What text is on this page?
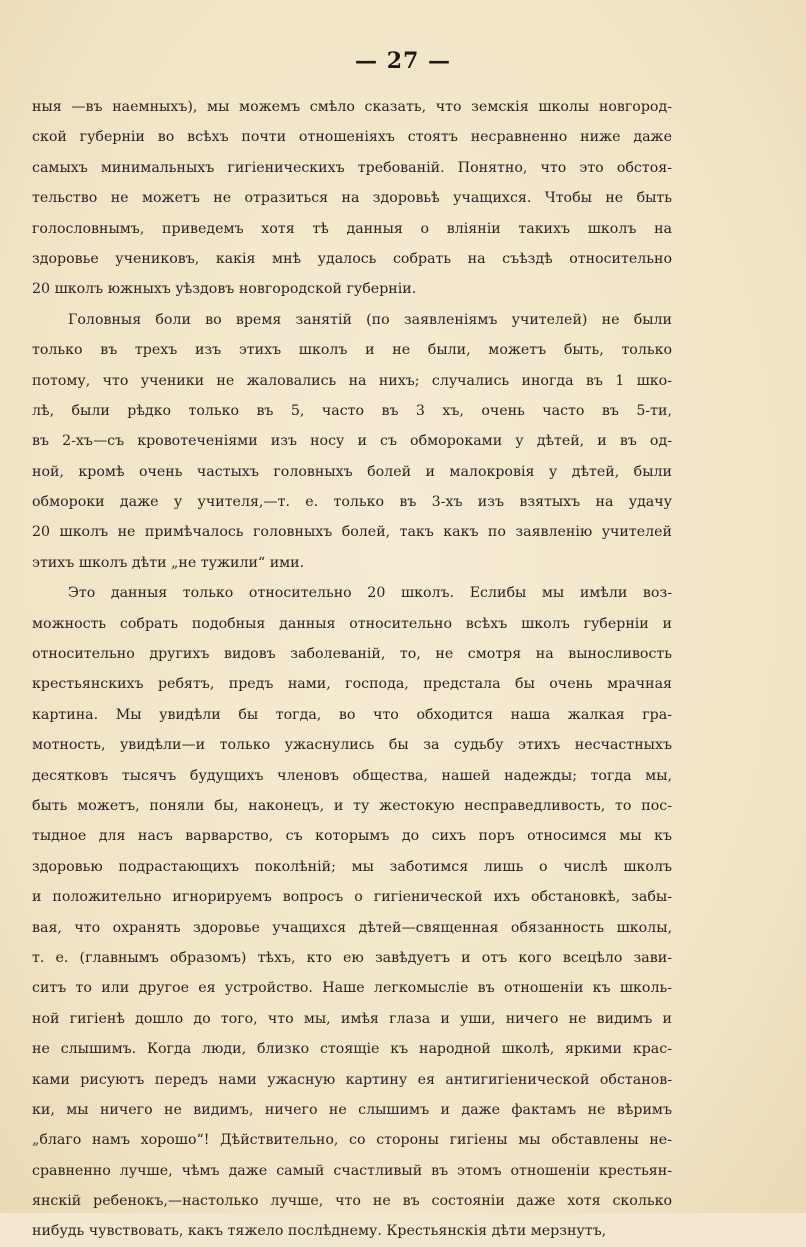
— 27 —
ныя —въ наемныхъ), мы можемъ смѣло сказать, что земскія школы новгород-
ской губерніи во всѣхъ почти отношеніяхъ стоятъ несравненно ниже даже
самыхъ минимальныхъ гигіеническихъ требованій. Понятно, что это обстоя-
тельство не можетъ не отразиться на здоровьѣ учащихся. Чтобы не быть
голословнымъ, приведемъ хотя тѣ данныя о вліяніи такихъ школъ на
здоровье учениковъ, какія мнѣ удалось собрать на съѣздѣ относительно
20 школъ южныхъ уѣздовъ новгородской губерніи.
Головныя боли во время занятій (по заявленіямъ учителей) не были
только въ трехъ изъ этихъ школъ и не были, можетъ быть, только
потому, что ученики не жаловались на нихъ; случались иногда въ 1 шко-
лѣ, были рѣдко только въ 5, часто въ 3 хъ, очень часто въ 5-ти,
въ 2-хъ—съ кровотеченіями изъ носу и съ обмороками у дѣтей, и въ од-
ной, кромѣ очень частыхъ головныхъ болей и малокровія у дѣтей, были
обмороки даже у учителя,—т. е. только въ 3-хъ изъ взятыхъ на удачу
20 школъ не примѣчалось головныхъ болей, такъ какъ по заявленію учителей
этихъ школъ дѣти „не тужили“ ими.
Это данныя только относительно 20 школъ. Еслибы мы имѣли воз-
можность собрать подобныя данныя относительно всѣхъ школъ губерніи и
относительно другихъ видовъ заболеваній, то, не смотря на выносливость
крестьянскихъ ребятъ, предъ нами, господа, предстала бы очень мрачная
картина. Мы увидѣли бы тогда, во что обходится наша жалкая гра-
мотность, увидѣли—и только ужаснулись бы за судьбу этихъ несчастныхъ
десятковъ тысячъ будущихъ членовъ общества, нашей надежды; тогда мы,
быть можетъ, поняли бы, наконецъ, и ту жестокую несправедливость, то пос-
тыдное для насъ варварство, съ которымъ до сихъ поръ относимся мы къ
здоровью подрастающихъ поколѣній; мы заботимся лишь о числѣ школъ
и положительно игнорируемъ вопросъ о гигіенической ихъ обстановкѣ, забы-
вая, что охранять здоровье учащихся дѣтей—священная обязанность школы,
т. е. (главнымъ образомъ) тѣхъ, кто ею завѣдуетъ и отъ кого всецѣло зави-
ситъ то или другое ея устройство. Наше легкомысліе въ отношеніи къ школь-
ной гигіенѣ дошло до того, что мы, имѣя глаза и уши, ничего не видимъ и
не слышимъ. Когда люди, близко стоящіе къ народной школѣ, яркими крас-
ками рисуютъ передъ нами ужасную картину ея антигигіенической обстанов-
ки, мы ничего не видимъ, ничего не слышимъ и даже фактамъ не вѣримъ
„благо намъ хорошо“! Дѣйствительно, со стороны гигіены мы обставлены не-
сравненно лучше, чѣмъ даже самый счастливый въ этомъ отношеніи крестьян-
янскій ребенокъ,—настолько лучше, что не въ состояніи даже хотя сколько
нибудь чувствовать, какъ тяжело послѣднему. Крестьянскія дѣти мерзнутъ,
